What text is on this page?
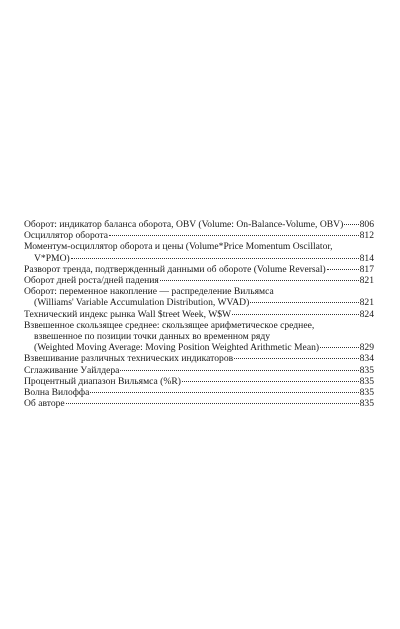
Оборот: индикатор баланса оборота, OBV (Volume: On-Balance-Volume, OBV) 806
Осциллятор оборота	812
Моментум-осциллятор оборота и цены (Volume*Price Momentum Oscillator,
V*PMO)	814
Разворот тренда, подтвержденный данными об обороте (Volume Reversal)	817
Оборот дней роста/дней падения	821
Оборот: переменное накопление — распределение Вильямса
(Williams' Variable Accumulation Distribution, WVAD)	821
Технический индекс рынка Wall $treet Week, W$W	824
Взвешенное скользящее среднее: скользящее арифметическое среднее,
взвешенное по позиции точки данных во временном ряду
(Weighted Moving Average: Moving Position Weighted Arithmetic Mean)	829
Взвешивание различных технических индикаторов	834
Сглаживание Уайлдера	835
Процентный диапазон Вильямса (%R)	835
Волна Вилоффа	835
Об авторе	835
